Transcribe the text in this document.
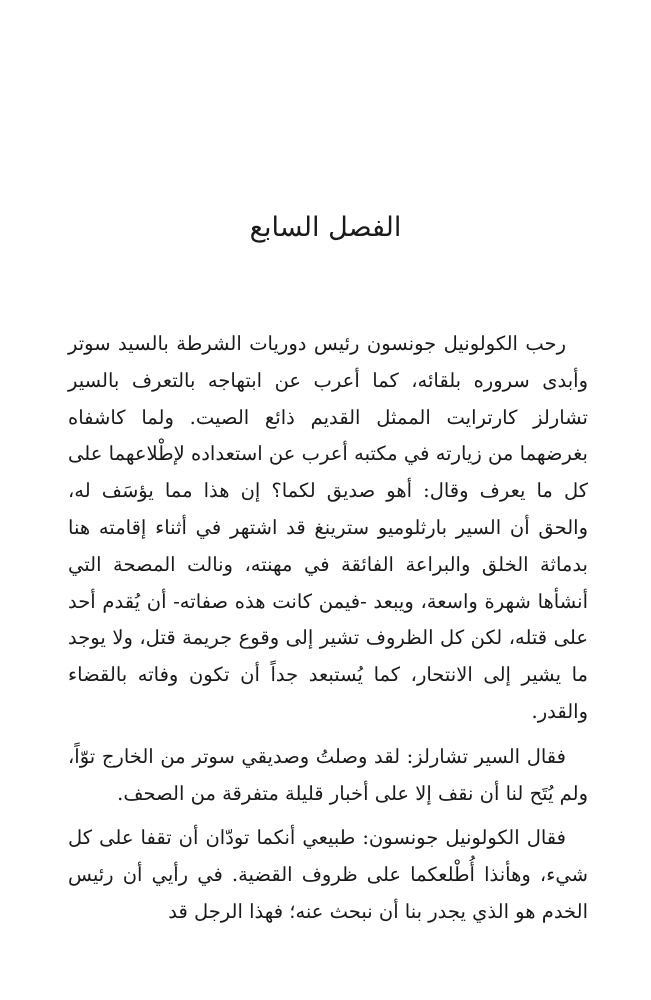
الفصل السابع

رحب الكولونيل جونسون رئيس دوريات الشرطة بالسيد سوتر وأبدى سروره بلقائه، كما أعرب عن ابتهاجه بالتعرف بالسير تشارلز كارترايت الممثل القديم ذائع الصيت. ولما كاشفاه بغرضهما من زيارته في مكتبه أعرب عن استعداده لإطْلاعهما على كل ما يعرف وقال: أهو صديق لكما؟ إن هذا مما يؤسَف له، والحق أن السير بارثلوميو سترينغ قد اشتهر في أثناء إقامته هنا بدماثة الخلق والبراعة الفائقة في مهنته، ونالت المصحة التي أنشأها شهرة واسعة، ويبعد -فيمن كانت هذه صفاته- أن يُقدم أحد على قتله، لكن كل الظروف تشير إلى وقوع جريمة قتل، ولا يوجد ما يشير إلى الانتحار، كما يُستبعد جداً أن تكون وفاته بالقضاء والقدر.

فقال السير تشارلز: لقد وصلتُ وصديقي سوتر من الخارج توّاً، ولم يُتَح لنا أن نقف إلا على أخبار قليلة متفرقة من الصحف.

فقال الكولونيل جونسون: طبيعي أنكما تودّان أن تقفا على كل شيء، وهأنذا أُطْلعكما على ظروف القضية. في رأيي أن رئيس الخدم هو الذي يجدر بنا أن نبحث عنه؛ فهذا الرجل قد
